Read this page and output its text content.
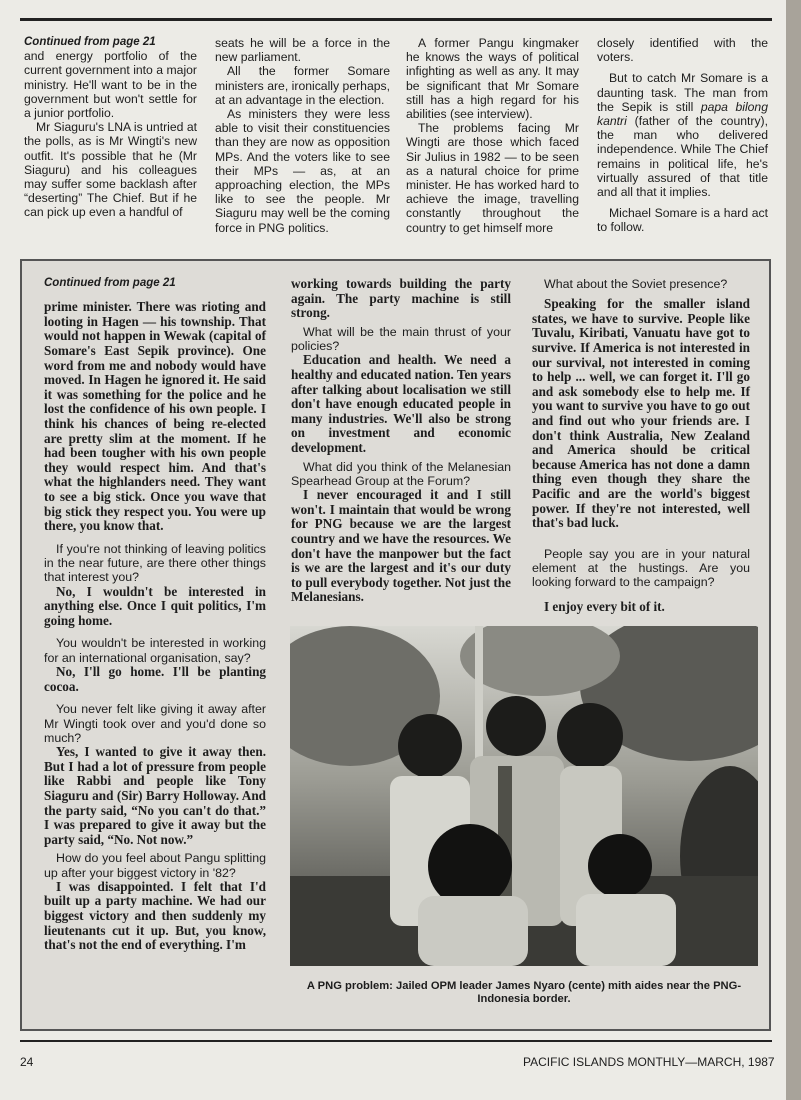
Continued from page 21

and energy portfolio of the current government into a major ministry. He'll want to be in the government but won't settle for a junior portfolio.

Mr Siaguru's LNA is untried at the polls, as is Mr Wingti's new outfit. It's possible that he (Mr Siaguru) and his colleagues may suffer some backlash after “deserting” The Chief. But if he can pick up even a handful of

seats he will be a force in the new parliament.

All the former Somare ministers are, ironically perhaps, at an advantage in the election.

As ministers they were less able to visit their constituencies than they are now as opposition MPs. And the voters like to see their MPs — as, at an approaching election, the MPs like to see the people. Mr Siaguru may well be the coming force in PNG politics.

A former Pangu kingmaker he knows the ways of political infighting as well as any. It may be significant that Mr Somare still has a high regard for his abilities (see interview).

The problems facing Mr Wingti are those which faced Sir Julius in 1982 — to be seen as a natural choice for prime minister. He has worked hard to achieve the image, travelling constantly throughout the country to get himself more

closely identified with the voters.

But to catch Mr Somare is a daunting task. The man from the Sepik is still papa bilong kantri (father of the country), the man who delivered independence. While The Chief remains in political life, he's virtually assured of that title and all that it implies.

Michael Somare is a hard act to follow.

Continued from page 21

prime minister. There was rioting and looting in Hagen — his township. That would not happen in Wewak (capital of Somare's East Sepik province). One word from me and nobody would have moved. In Hagen he ignored it. He said it was something for the police and he lost the confidence of his own people. I think his chances of being re-elected are pretty slim at the moment. If he had been tougher with his own people they would respect him. And that's what the highlanders need. They want to see a big stick. Once you wave that big stick they respect you. You were up there, you know that.

If you're not thinking of leaving politics in the near future, are there other things that interest you?

No, I wouldn't be interested in anything else. Once I quit politics, I'm going home.

You wouldn't be interested in working for an international organisation, say?

No, I'll go home. I'll be planting cocoa.

You never felt like giving it away after Mr Wingti took over and you'd done so much?

Yes, I wanted to give it away then. But I had a lot of pressure from people like Rabbi and people like Tony Siaguru and (Sir) Barry Holloway. And the party said, “No you can't do that.” I was prepared to give it away but the party said, “No. Not now.”

How do you feel about Pangu splitting up after your biggest victory in '82?

I was disappointed. I felt that I'd built up a party machine. We had our biggest victory and then suddenly my lieutenants cut it up. But, you know, that's not the end of everything. I'm

working towards building the party again. The party machine is still strong.

What will be the main thrust of your policies?

Education and health. We need a healthy and educated nation. Ten years after talking about localisation we still don't have enough educated people in many industries. We'll also be strong on investment and economic development.

What did you think of the Melanesian Spearhead Group at the Forum?

I never encouraged it and I still won't. I maintain that would be wrong for PNG because we are the largest country and we have the resources. We don't have the manpower but the fact is we are the largest and it's our duty to pull everybody together. Not just the Melanesians.

What about the Soviet presence?

Speaking for the smaller island states, we have to survive. People like Tuvalu, Kiribati, Vanuatu have got to survive. If America is not interested in our survival, not interested in coming to help ... well, we can forget it. I'll go and ask somebody else to help me. If you want to survive you have to go out and find out who your friends are. I don't think Australia, New Zealand and America should be critical because America has not done a damn thing even though they share the Pacific and are the world's biggest power. If they're not interested, well that's bad luck.

People say you are in your natural element at the hustings. Are you looking forward to the campaign?

I enjoy every bit of it.

A PNG problem: Jailed OPM leader James Nyaro (cente) mith aides near the PNG-Indonesia border.
24	PACIFIC ISLANDS MONTHLY—MARCH, 1987
